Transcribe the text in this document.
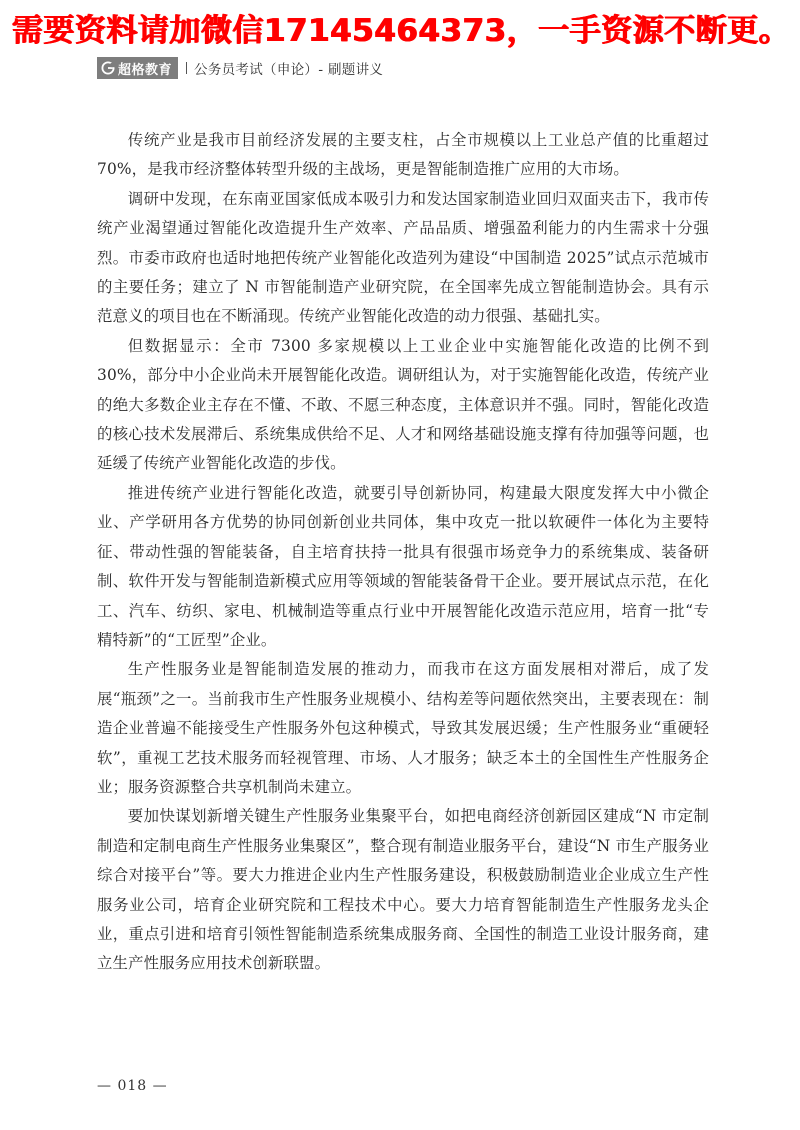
需要资料请加微信17145464373，一手资源不断更。
超格教育 公务员考试（申论）- 刷题讲义

传统产业是我市目前经济发展的主要支柱，占全市规模以上工业总产值的比重超过 70%，是我市经济整体转型升级的主战场，更是智能制造推广应用的大市场。

调研中发现，在东南亚国家低成本吸引力和发达国家制造业回归双面夹击下，我市传统产业渴望通过智能化改造提升生产效率、产品品质、增强盈利能力的内生需求十分强烈。市委市政府也适时地把传统产业智能化改造列为建设“中国制造 2025”试点示范城市的主要任务；建立了 N 市智能制造产业研究院，在全国率先成立智能制造协会。具有示范意义的项目也在不断涌现。传统产业智能化改造的动力很强、基础扎实。

但数据显示：全市 7300 多家规模以上工业企业中实施智能化改造的比例不到 30%，部分中小企业尚未开展智能化改造。调研组认为，对于实施智能化改造，传统产业的绝大多数企业主存在不懂、不敢、不愿三种态度，主体意识并不强。同时，智能化改造的核心技术发展滞后、系统集成供给不足、人才和网络基础设施支撑有待加强等问题，也延缓了传统产业智能化改造的步伐。

推进传统产业进行智能化改造，就要引导创新协同，构建最大限度发挥大中小微企业、产学研用各方优势的协同创新创业共同体，集中攻克一批以软硬件一体化为主要特征、带动性强的智能装备，自主培育扶持一批具有很强市场竞争力的系统集成、装备研制、软件开发与智能制造新模式应用等领域的智能装备骨干企业。要开展试点示范，在化工、汽车、纺织、家电、机械制造等重点行业中开展智能化改造示范应用，培育一批“专精特新”的“工匠型”企业。

生产性服务业是智能制造发展的推动力，而我市在这方面发展相对滞后，成了发展“瓶颈”之一。当前我市生产性服务业规模小、结构差等问题依然突出，主要表现在：制造企业普遍不能接受生产性服务外包这种模式，导致其发展迟缓；生产性服务业“重硬轻软”，重视工艺技术服务而轻视管理、市场、人才服务；缺乏本土的全国性生产性服务企业；服务资源整合共享机制尚未建立。

要加快谋划新增关键生产性服务业集聚平台，如把电商经济创新园区建成“N 市定制制造和定制电商生产性服务业集聚区”，整合现有制造业服务平台，建设“N 市生产服务业综合对接平台”等。要大力推进企业内生产性服务建设，积极鼓励制造业企业成立生产性服务业公司，培育企业研究院和工程技术中心。要大力培育智能制造生产性服务龙头企业，重点引进和培育引领性智能制造系统集成服务商、全国性的制造工业设计服务商，建立生产性服务应用技术创新联盟。

— 018 —
